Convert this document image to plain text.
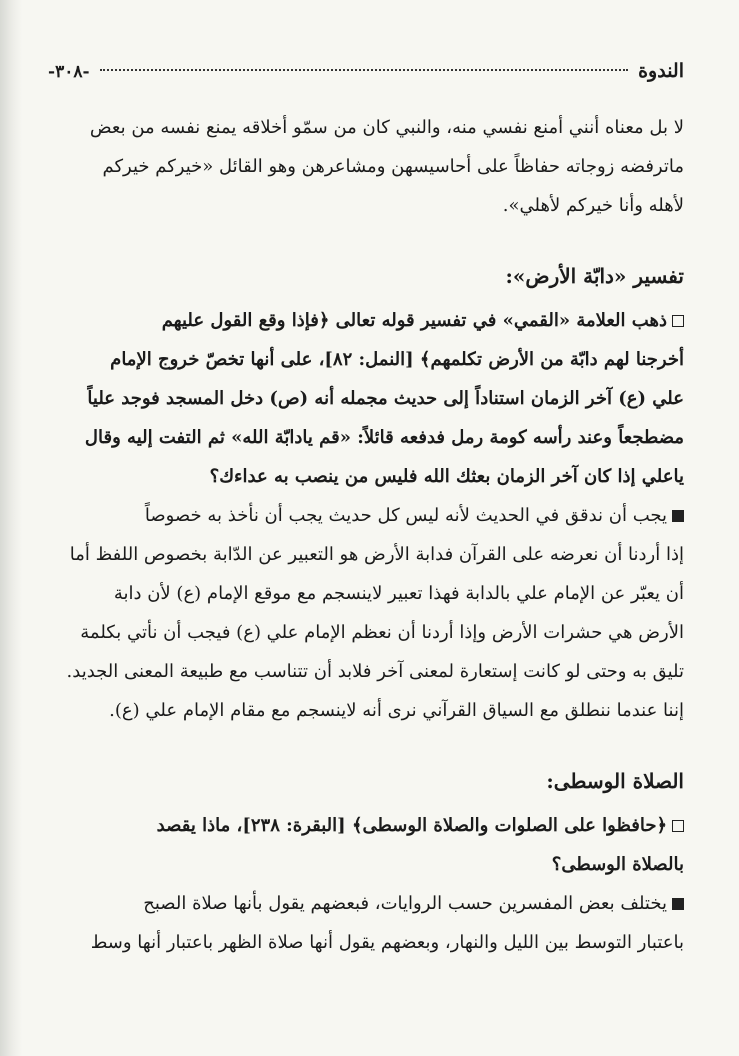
الندوة
-٣٠٨-

لا بل معناه أنني أمنع نفسي منه، والنبي كان من سمّو أخلاقه يمنع نفسه من بعض

ماترفضه زوجاته حفاظاً على أحاسيسهن ومشاعرهن وهو القائل «خيركم خيركم

لأهله وأنا خيركم لأهلي».

تفسير «دابّة الأرض»:

ذهب العلامة «القمي» في تفسير قوله تعالى ﴿فإذا وقع القول عليهم

أخرجنا لهم دابّة من الأرض تكلمهم﴾ [النمل: ٨٢]، على أنها تخصّ خروج الإمام

علي (ع) آخر الزمان استناداً إلى حديث مجمله أنه (ص) دخل المسجد فوجد علياً

مضطجعاً وعند رأسه كومة رمل فدفعه قائلاً: «قم يادابّة الله» ثم التفت إليه وقال

ياعلي إذا كان آخر الزمان بعثك الله فليس من ينصب به عداءك؟

يجب أن ندقق في الحديث لأنه ليس كل حديث يجب أن نأخذ به خصوصاً

إذا أردنا أن نعرضه على القرآن فدابة الأرض هو التعبير عن الدّابة بخصوص اللفظ أما

أن يعبّر عن الإمام علي بالدابة فهذا تعبير لاينسجم مع موقع الإمام (ع) لأن دابة

الأرض هي حشرات الأرض وإذا أردنا أن نعظم الإمام علي (ع) فيجب أن نأتي بكلمة

تليق به وحتى لو كانت إستعارة لمعنى آخر فلابد أن تتناسب مع طبيعة المعنى الجديد.

إننا عندما ننطلق مع السياق القرآني نرى أنه لاينسجم مع مقام الإمام علي (ع).

الصلاة الوسطى:

﴿حافظوا على الصلوات والصلاة الوسطى﴾ [البقرة: ٢٣٨]، ماذا يقصد

بالصلاة الوسطى؟

يختلف بعض المفسرين حسب الروايات، فبعضهم يقول بأنها صلاة الصبح

باعتبار التوسط بين الليل والنهار، وبعضهم يقول أنها صلاة الظهر باعتبار أنها وسط
